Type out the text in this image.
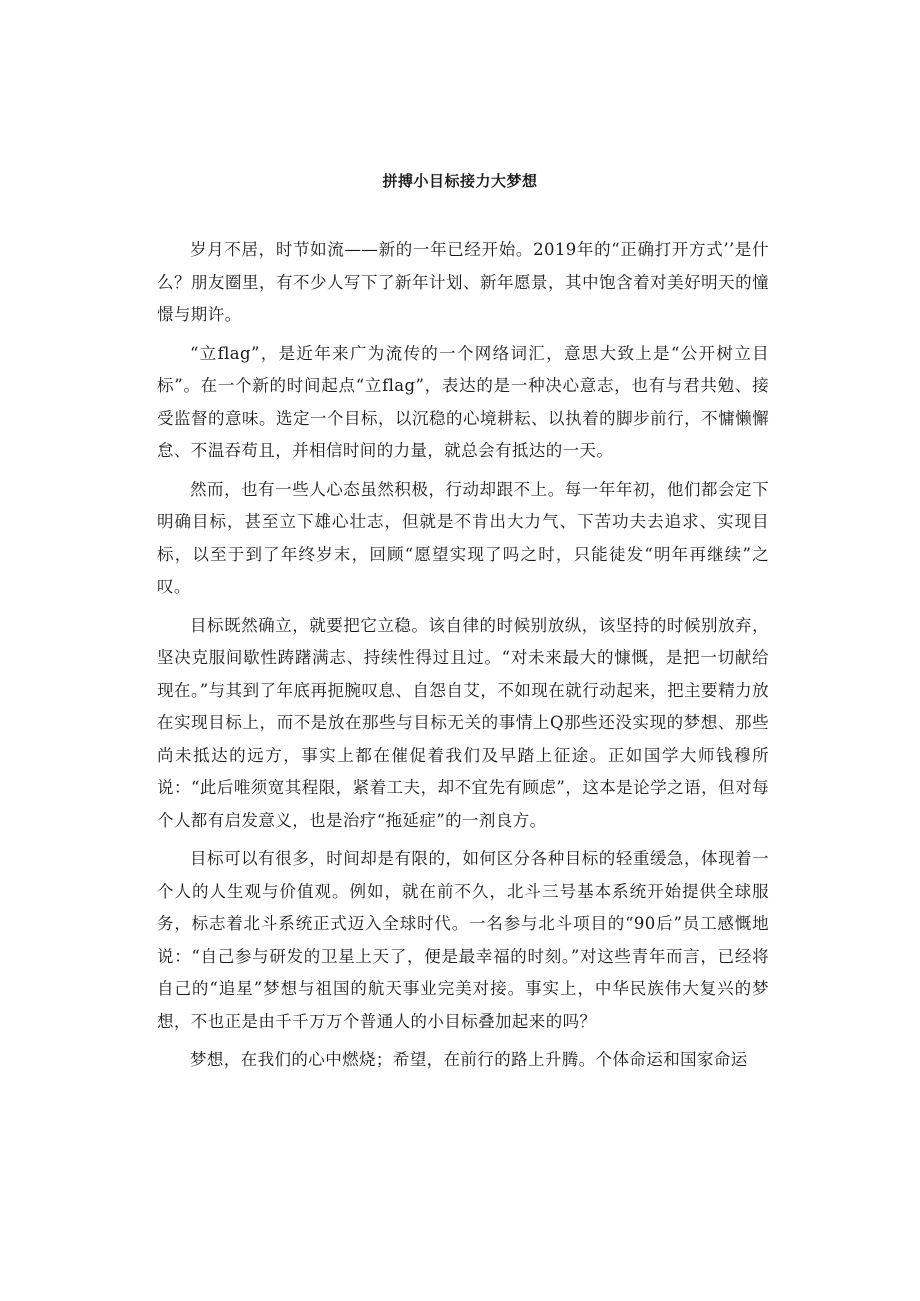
拼搏小目标接力大梦想

岁月不居，时节如流——新的一年已经开始。2019年的“正确打开方式’’是什么？朋友圈里，有不少人写下了新年计划、新年愿景，其中饱含着对美好明天的憧憬与期许。

“立flag”，是近年来广为流传的一个网络词汇，意思大致上是“公开树立目标”。在一个新的时间起点“立flag”，表达的是一种决心意志，也有与君共勉、接受监督的意味。选定一个目标，以沉稳的心境耕耘、以执着的脚步前行，不慵懒懈怠、不温吞苟且，并相信时间的力量，就总会有抵达的一天。

然而，也有一些人心态虽然积极，行动却跟不上。每一年年初，他们都会定下明确目标，甚至立下雄心壮志，但就是不肯出大力气、下苦功夫去追求、实现目标，以至于到了年终岁末，回顾“愿望实现了吗之时，只能徒发“明年再继续”之叹。

目标既然确立，就要把它立稳。该自律的时候别放纵，该坚持的时候别放弃，坚决克服间歇性踌躇满志、持续性得过且过。“对未来最大的慷慨，是把一切献给现在。”与其到了年底再扼腕叹息、自怨自艾，不如现在就行动起来，把主要精力放在实现目标上，而不是放在那些与目标无关的事情上Q那些还没实现的梦想、那些尚未抵达的远方，事实上都在催促着我们及早踏上征途。正如国学大师钱穆所说：“此后唯须宽其程限，紧着工夫，却不宜先有顾虑”，这本是论学之语，但对每个人都有启发意义，也是治疗“拖延症”的一剂良方。

目标可以有很多，时间却是有限的，如何区分各种目标的轻重缓急，体现着一个人的人生观与价值观。例如，就在前不久，北斗三号基本系统开始提供全球服务，标志着北斗系统正式迈入全球时代。一名参与北斗项目的“90后”员工感慨地说：“自己参与研发的卫星上天了，便是最幸福的时刻。”对这些青年而言，已经将自己的“追星”梦想与祖国的航天事业完美对接。事实上，中华民族伟大复兴的梦想，不也正是由千千万万个普通人的小目标叠加起来的吗？

梦想，在我们的心中燃烧；希望，在前行的路上升腾。个体命运和国家命运
